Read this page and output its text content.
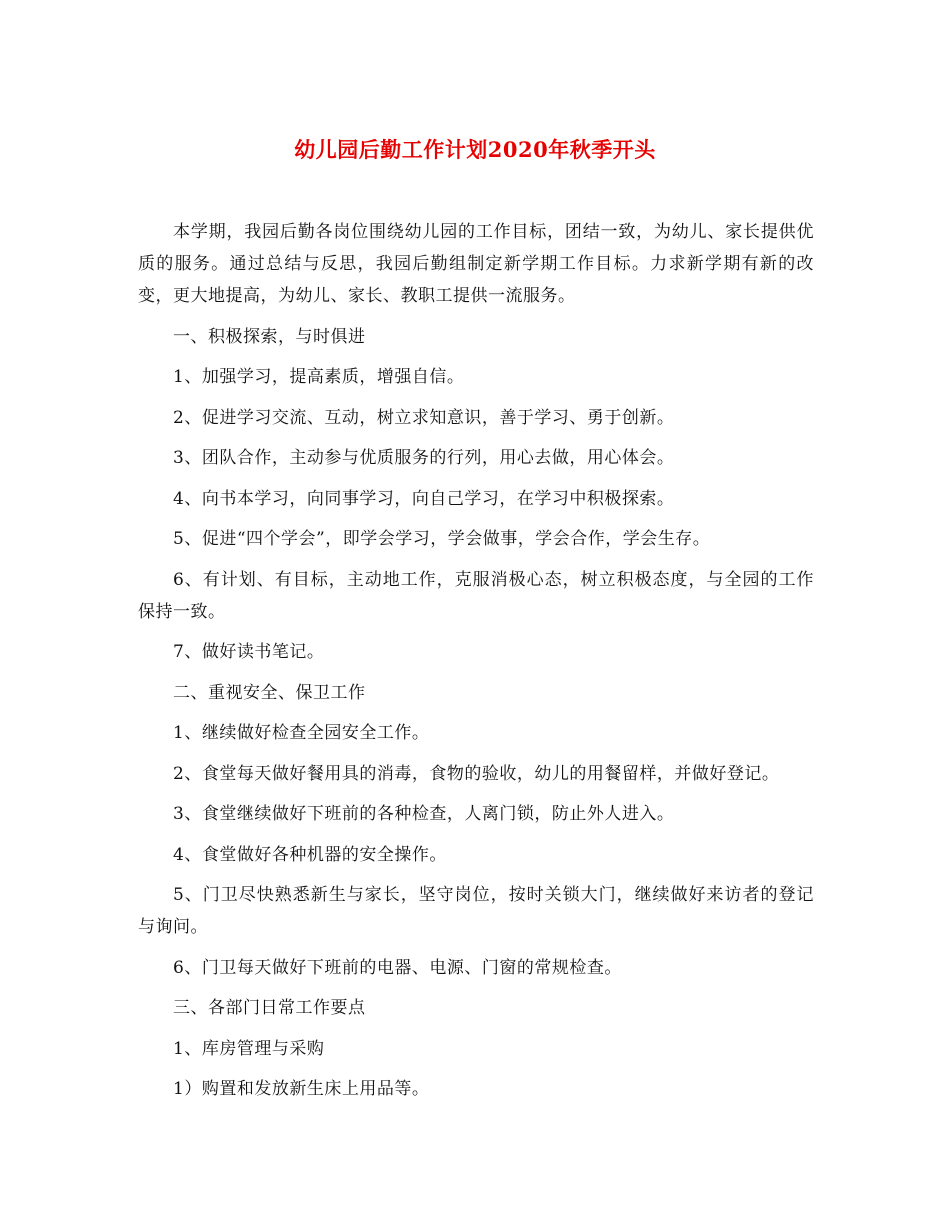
幼儿园后勤工作计划2020年秋季开头

本学期，我园后勤各岗位围绕幼儿园的工作目标，团结一致，为幼儿、家长提供优质的服务。通过总结与反思，我园后勤组制定新学期工作目标。力求新学期有新的改变，更大地提高，为幼儿、家长、教职工提供一流服务。

一、积极探索，与时俱进

1、加强学习，提高素质，增强自信。

2、促进学习交流、互动，树立求知意识，善于学习、勇于创新。

3、团队合作，主动参与优质服务的行列，用心去做，用心体会。

4、向书本学习，向同事学习，向自己学习，在学习中积极探索。

5、促进“四个学会”，即学会学习，学会做事，学会合作，学会生存。

6、有计划、有目标，主动地工作，克服消极心态，树立积极态度，与全园的工作保持一致。

7、做好读书笔记。

二、重视安全、保卫工作

1、继续做好检查全园安全工作。

2、食堂每天做好餐用具的消毒，食物的验收，幼儿的用餐留样，并做好登记。

3、食堂继续做好下班前的各种检查，人离门锁，防止外人进入。

4、食堂做好各种机器的安全操作。

5、门卫尽快熟悉新生与家长，坚守岗位，按时关锁大门，继续做好来访者的登记与询问。

6、门卫每天做好下班前的电器、电源、门窗的常规检查。

三、各部门日常工作要点

1、库房管理与采购

1）购置和发放新生床上用品等。
